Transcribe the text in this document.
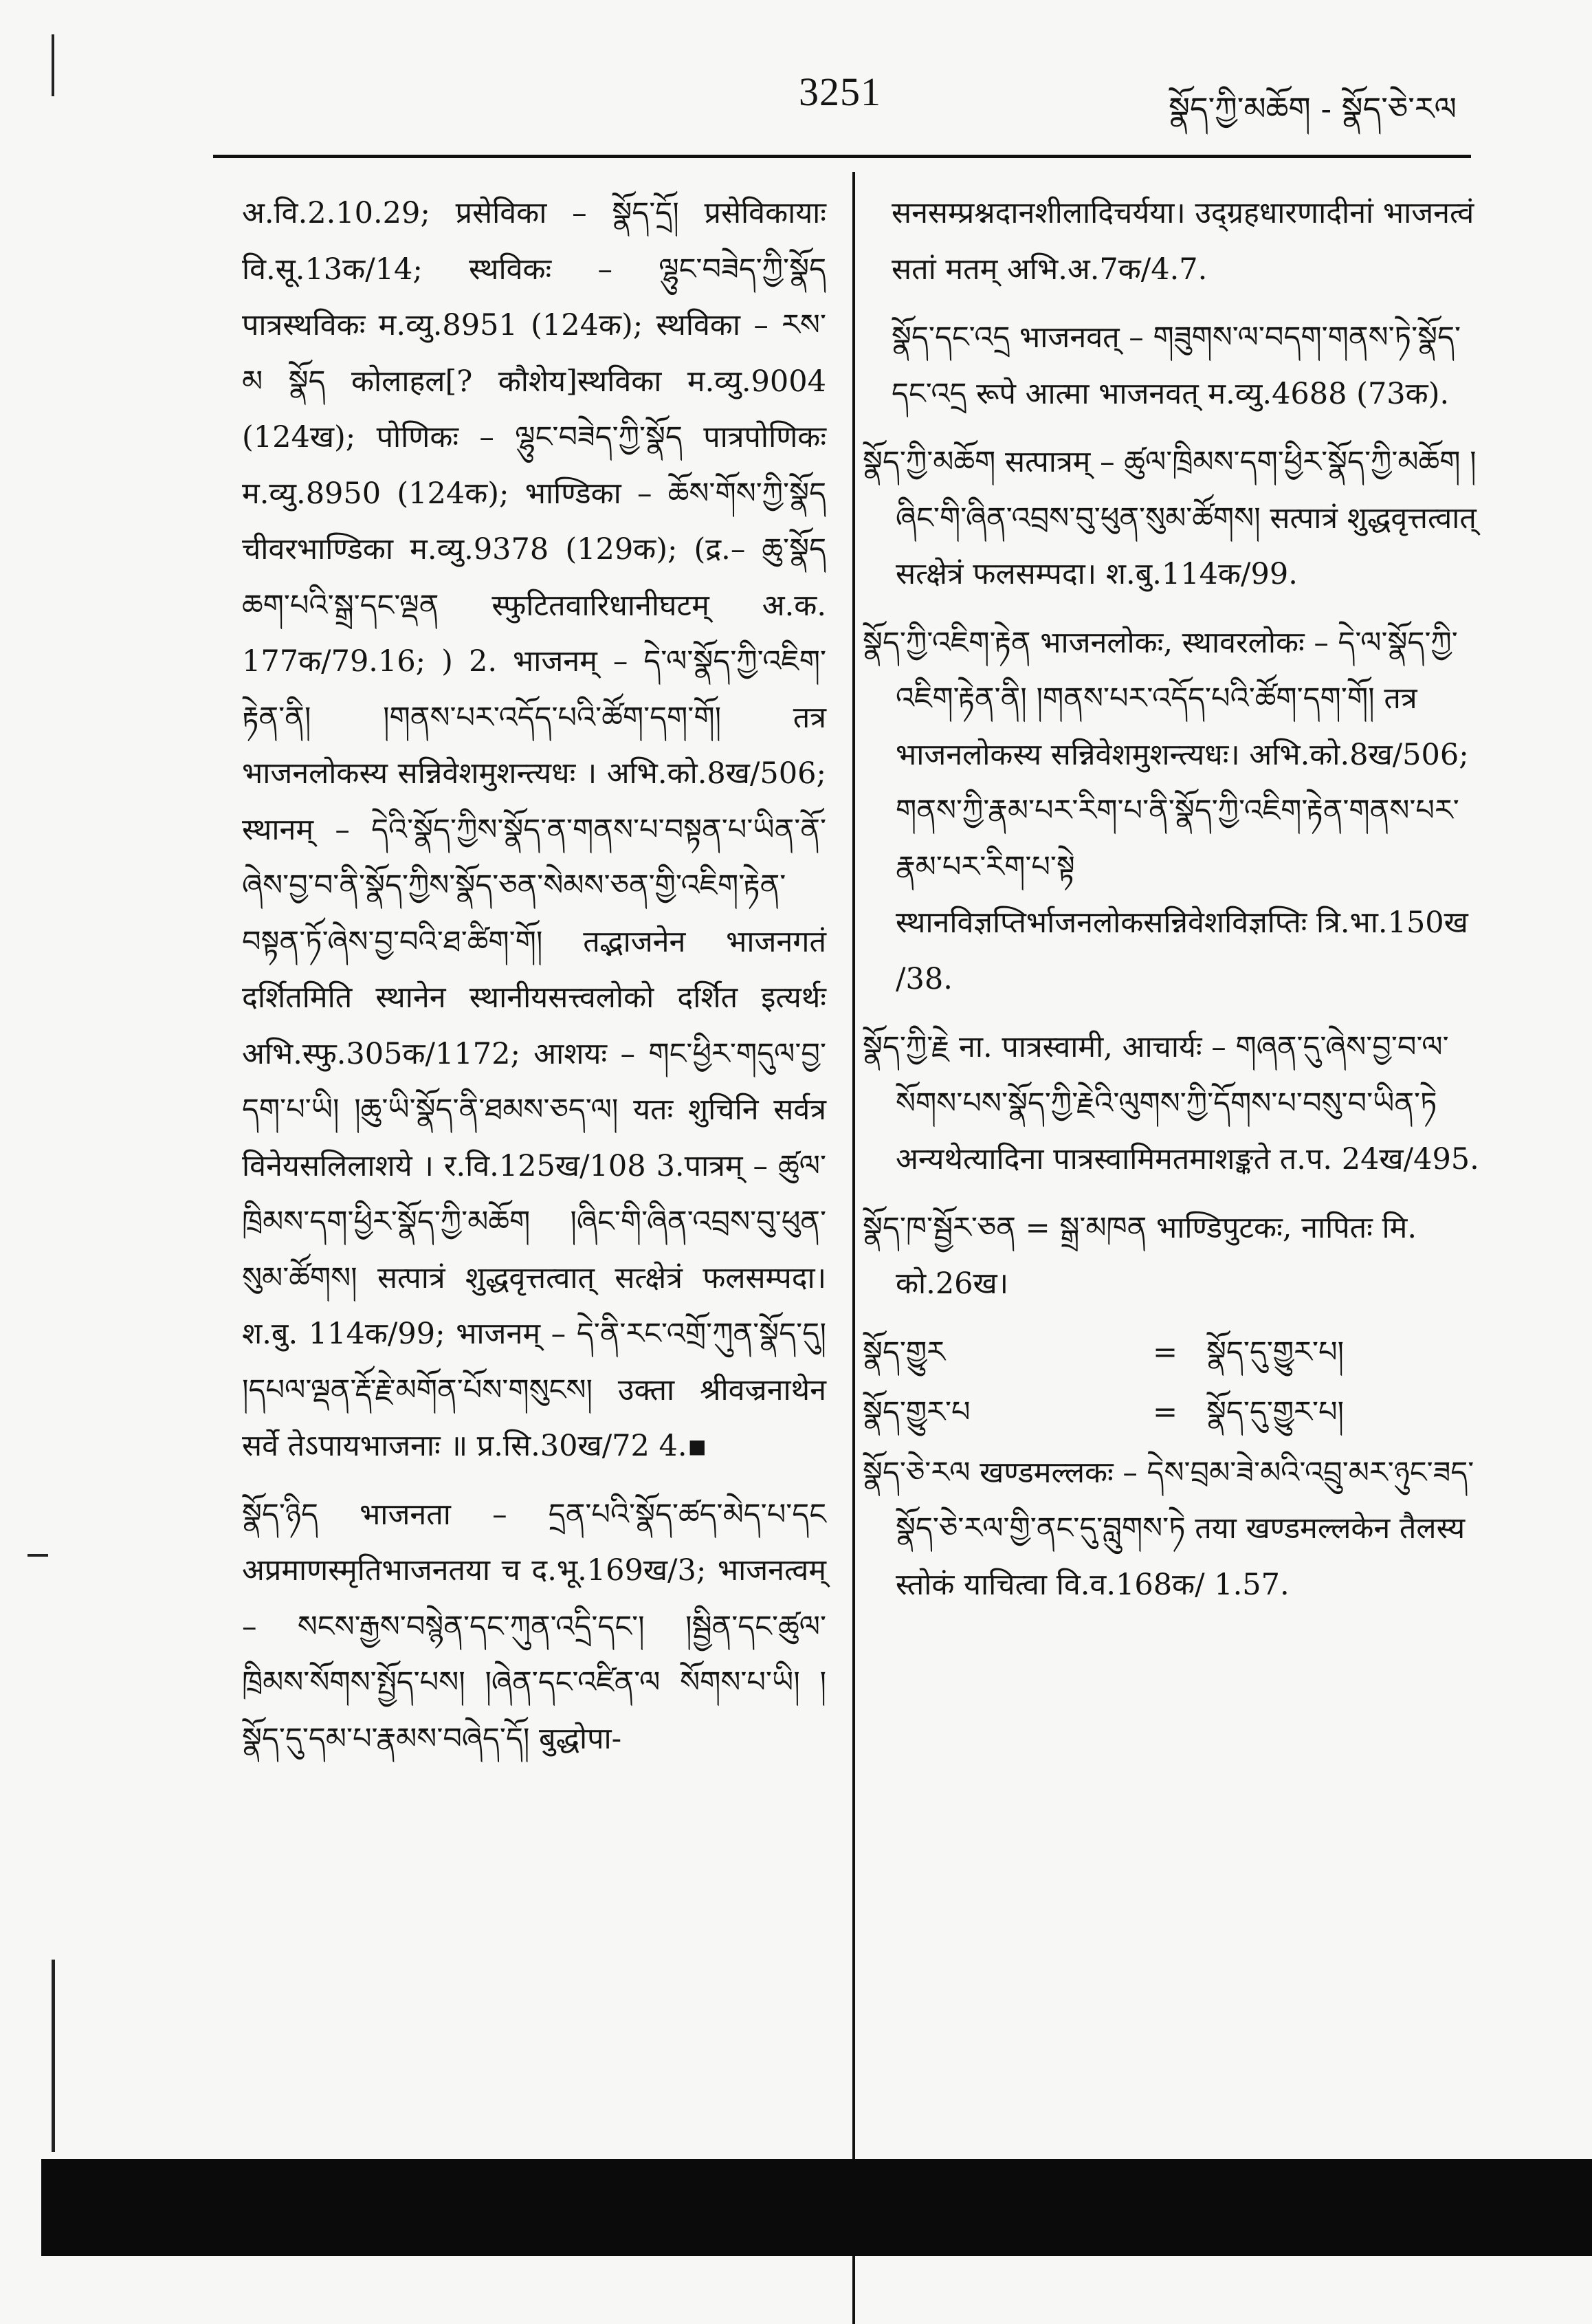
3251	སྣོད་ཀྱི་མཆོག - སྣོད་ཅེ་རལ

अ.वि.2.10.29; प्रसेविका – སྣོད་དྲོ། प्रसेविकायाः वि.सू.13क/14; स्थविकः – ལྷུང་བཟེད་ཀྱི་སྣོད पात्रस्थविकः म.व्यु.8951 (124क); स्थविका – རས་མ སྣོད कोलाहल[? कौशेय]स्थविका म.व्यु.9004 (124ख); पोणिकः – ལྷུང་བཟེད་ཀྱི་སྣོད पात्रपोणिकः म.व्यु.8950 (124क); भाण्डिका – ཆོས་གོས་ཀྱི་སྣོད चीवरभाण्डिका म.व्यु.9378 (129क); (द्र.– ཆུ་སྣོད ཆག་པའི་སྒྲ་དང་ལྡན स्फुटितवारिधानीघटम् अ.क. 177क/79.16; ) 2. भाजनम् – དེ་ལ་སྣོད་ཀྱི་འཇིག་རྟེན་ནི། །གནས་པར་འདོད་པའི་ཚོག་དག་གོ། तत्र भाजनलोकस्य सन्निवेशमुशन्त्यधः । अभि.को.8ख/506; स्थानम् – དེའི་སྣོད་ཀྱིས་སྣོད་ན་གནས་པ་བསྟན་པ་ཡིན་ནོ་ཞེས་བྱ་བ་ནི་སྣོད་ཀྱིས་སྣོད་ཅན་སེམས་ཅན་གྱི་འཇིག་རྟེན་བསྟན་ཏོ་ཞེས་བྱ་བའི་ཐ་ཚིག་གོ། तद्भाजनेन भाजनगतं दर्शितमिति स्थानेन स्थानीयसत्त्वलोको दर्शित इत्यर्थः अभि.स्फु.305क/1172; आशयः – གང་ཕྱིར་གདུལ་བྱ་དག་པ་ཡི། །ཆུ་ཡི་སྣོད་ནི་ཐམས་ཅད་ལ། यतः शुचिनि सर्वत्र विनेयसलिलाशये । र.वि.125ख/108 3.पात्रम् – ཚུལ་ཁྲིམས་དག་ཕྱིར་སྣོད་ཀྱི་མཆོག །ཞིང་གི་ཞིན་འབྲས་བུ་ཕུན་སུམ་ཚོགས། सत्पात्रं शुद्धवृत्तत्वात् सत्क्षेत्रं फलसम्पदा। श.बु. 114क/99; भाजनम् – དེ་ནི་རང་འགྲོ་ཀུན་སྣོད་དུ། །དཔལ་ལྡན་རྡོ་རྗེ་མགོན་པོས་གསུངས། उक्ता श्रीवज्रनाथेन सर्वे तेऽपायभाजनाः ॥ प्र.सि.30ख/72 4.▪

སྣོད་ཉིད भाजनता – དྲན་པའི་སྣོད་ཚད་མེད་པ་དང अप्रमाणस्मृतिभाजनतया च द.भू.169ख/3; भाजनत्वम् – སངས་རྒྱས་བསྙེན་དང་ཀུན་འདྲི་དང་། །སྦྱིན་དང་ཚུལ་ཁྲིམས་སོགས་སྤྱོད་པས། །ཞེན་དང་འཛིན་ལ སོགས་པ་ཡི། །སྣོད་དུ་དམ་པ་རྣམས་བཞེད་དོ། बुद्धोपा-

सनसम्प्रश्नदानशीलादिचर्यया। उद्ग्रहधारणादीनां भाजनत्वं सतां मतम् अभि.अ.7क/4.7.

སྣོད་དང་འདྲ भाजनवत् – གཟུགས་ལ་བདག་གནས་ཏེ་སྣོད་དང་འདྲ रूपे आत्मा भाजनवत् म.व्यु.4688 (73क).

སྣོད་ཀྱི་མཆོག सत्पात्रम् – ཚུལ་ཁྲིམས་དག་ཕྱིར་སྣོད་ཀྱི་མཆོག །ཞིང་གི་ཞིན་འབྲས་བུ་ཕུན་སུམ་ཚོགས། सत्पात्रं शुद्धवृत्तत्वात् सत्क्षेत्रं फलसम्पदा। श.बु.114क/99.

སྣོད་ཀྱི་འཇིག་རྟེན भाजनलोकः, स्थावरलोकः – དེ་ལ་སྣོད་ཀྱི་འཇིག་རྟེན་ནི། །གནས་པར་འདོད་པའི་ཚོག་དག་གོ། तत्र भाजनलोकस्य सन्निवेशमुशन्त्यधः। अभि.को.8ख/506; གནས་ཀྱི་རྣམ་པར་རིག་པ་ནི་སྣོད་ཀྱི་འཇིག་རྟེན་གནས་པར་རྣམ་པར་རིག་པ་སྟེ स्थानविज्ञप्तिर्भाजनलोकसन्निवेशविज्ञप्तिः त्रि.भा.150ख /38.

སྣོད་ཀྱི་རྗེ ना. पात्रस्वामी, आचार्यः – གཞན་དུ་ཞེས་བྱ་བ་ལ་སོགས་པས་སྣོད་ཀྱི་རྗེའི་ལུགས་ཀྱི་དོགས་པ་བསུ་བ་ཡིན་ཏེ अन्यथेत्यादिना पात्रस्वामिमतमाशङ्कते त.प. 24ख/495.

སྣོད་ཁ་སྦྱོར་ཅན = སྒྲ་མཁན भाण्डिपुटकः, नापितः मि. को.26ख।

སྣོད་གྱུར	= སྣོད་དུ་གྱུར་པ།
སྣོད་གྱུར་པ	= སྣོད་དུ་གྱུར་པ།

སྣོད་ཅེ་རལ खण्डमल्लकः – དེས་བྲམ་ཟེ་མའི་འབྲུ་མར་ཉུང་ཟད་སྣོད་ཅེ་རལ་གྱི་ནང་དུ་བླུགས་ཏེ तया खण्डमल्लकेन तैलस्य स्तोकं याचित्वा वि.व.168क/ 1.57.
